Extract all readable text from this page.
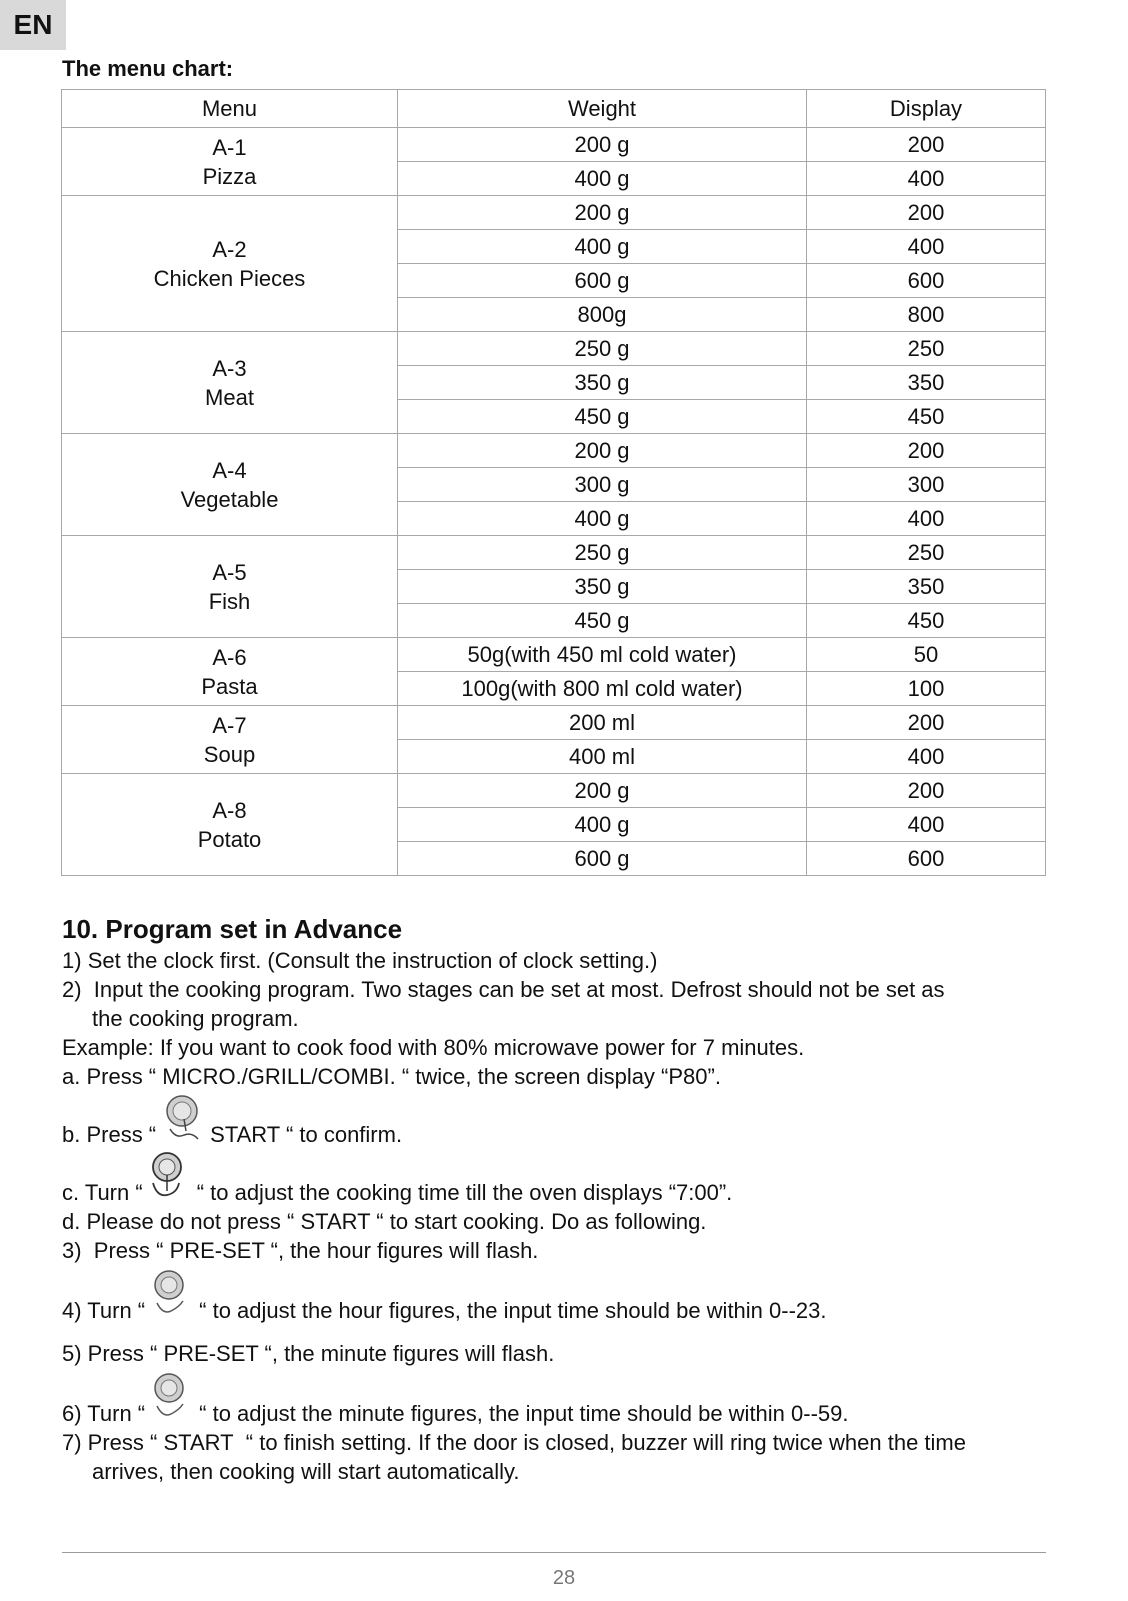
EN
The menu chart:
Menu	Weight	Display

A-1
Pizza	200 g	200
	400 g	400

A-2
Chicken Pieces	200 g	200
	400 g	400
	600 g	600
	800g	800

A-3
Meat	250 g	250
	350 g	350
	450 g	450

A-4
Vegetable	200 g	200
	300 g	300
	400 g	400

A-5
Fish	250 g	250
	350 g	350
	450 g	450

A-6
Pasta	50g(with 450 ml cold water)	50
	100g(with 800 ml cold water)	100

A-7
Soup	200 ml	200
	400 ml	400

A-8
Potato	200 g	200
	400 g	400
	600 g	600
10. Program set in Advance
1) Set the clock first. (Consult the instruction of clock setting.)
2) Input the cooking program. Two stages can be set at most. Defrost should not be set as
the cooking program.
Example: If you want to cook food with 80% microwave power for 7 minutes.
a. Press “ MICRO./GRILL/COMBI. “ twice, the screen display “P80”.
b. Press “ START “ to confirm.
c. Turn “ “ to adjust the cooking time till the oven displays “7:00”.
d. Please do not press “ START “ to start cooking. Do as following.
3)  Press “ PRE-SET “, the hour figures will flash.
4) Turn “ “ to adjust the hour figures, the input time should be within 0--23.
5) Press “ PRE-SET “, the minute figures will flash.
6) Turn “ “ to adjust the minute figures, the input time should be within 0--59.
7) Press “ START  “ to finish setting. If the door is closed, buzzer will ring twice when the time
arrives, then cooking will start automatically.
28
